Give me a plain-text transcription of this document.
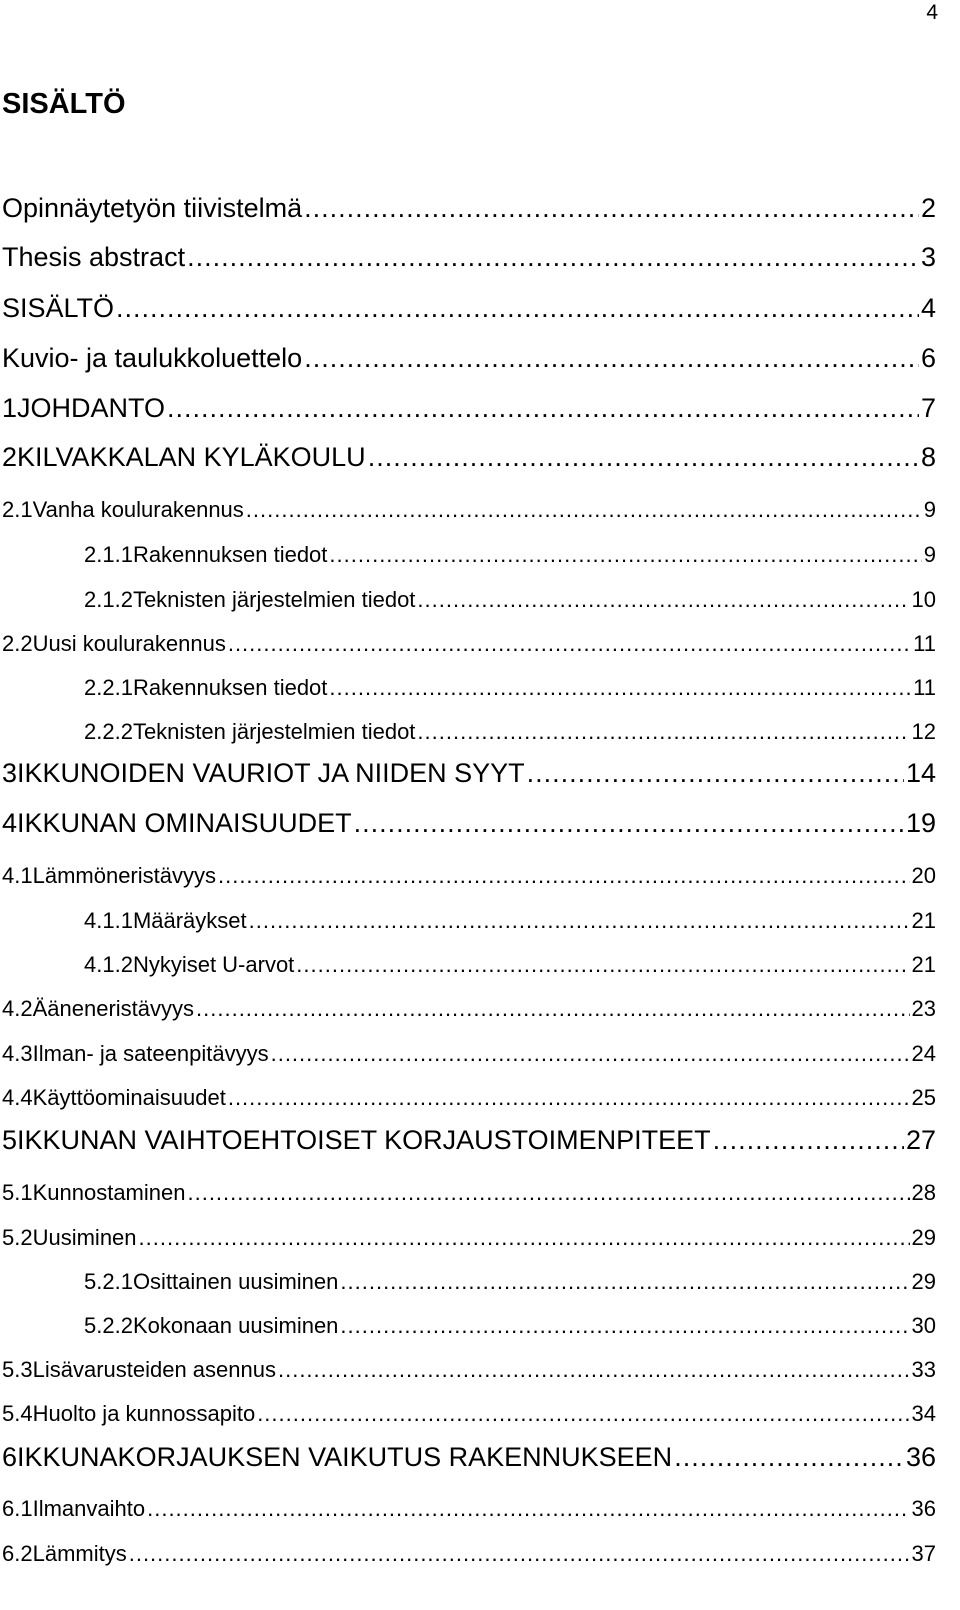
4
SISÄLTÖ
Opinnäytetyön tiivistelmä .....	2
Thesis abstract .....	3
SISÄLTÖ .....	4
Kuvio- ja taulukkoluettelo .....	6
1 JOHDANTO .....	7
2 KILVAKKALAN KYLÄKOULU .....	8
2.1 Vanha koulurakennus .....	9
2.1.1 Rakennuksen tiedot .....	9
2.1.2 Teknisten järjestelmien tiedot .....	10
2.2 Uusi koulurakennus .....	11
2.2.1 Rakennuksen tiedot .....	11
2.2.2 Teknisten järjestelmien tiedot .....	12
3 IKKUNOIDEN VAURIOT JA NIIDEN SYYT .....	14
4 IKKUNAN OMINAISUUDET .....	19
4.1 Lämmöneristävyys .....	20
4.1.1 Määräykset .....	21
4.1.2 Nykyiset U-arvot .....	21
4.2 Ääneneristävyys .....	23
4.3 Ilman- ja sateenpitävyys .....	24
4.4 Käyttöominaisuudet .....	25
5 IKKUNAN VAIHTOEHTOISET KORJAUSTOIMENPITEET .....	27
5.1 Kunnostaminen .....	28
5.2 Uusiminen .....	29
5.2.1 Osittainen uusiminen .....	29
5.2.2 Kokonaan uusiminen .....	30
5.3 Lisävarusteiden asennus .....	33
5.4 Huolto ja kunnossapito .....	34
6 IKKUNAKORJAUKSEN VAIKUTUS RAKENNUKSEEN .....	36
6.1 Ilmanvaihto .....	36
6.2 Lämmitys .....	37
